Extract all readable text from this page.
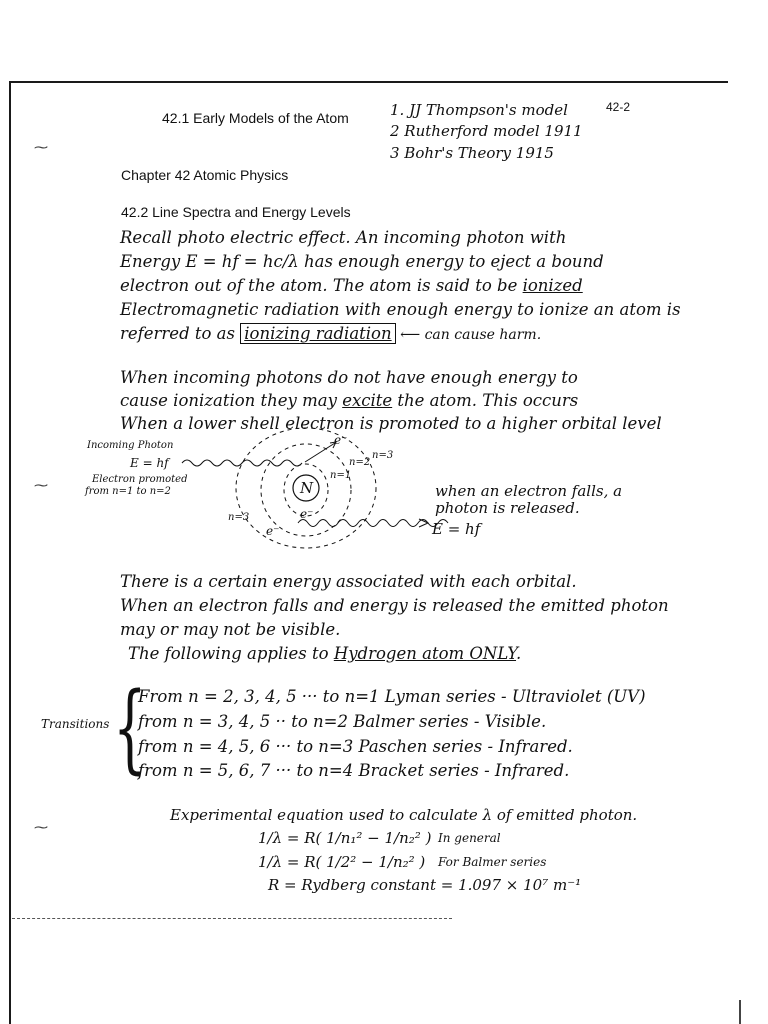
⁓
⁓
⁓
42.1 Early Models of the Atom
Chapter 42 Atomic Physics
42.2 Line Spectra and Energy Levels
42-2
1. JJ Thompson's model
2 Rutherford model 1911
3 Bohr's Theory 1915
Recall photo electric effect. An incoming photon with
Energy E = hf = hc/λ has enough energy to eject a bound
electron out of the atom. The atom is said to be ionized
Electromagnetic radiation with enough energy to ionize an atom is
referred to as ionizing radiation ⟵ can cause harm.
When incoming photons do not have enough energy to
cause ionization they may excite the atom. This occurs
When a lower shell electron is promoted to a higher orbital level
Incoming Photon
E = hf
Electron promoted
from n=1 to n=2	N
e⁻
n=1
n=2
n=3
e⁻
e⁻
n=3
E = hf
when an electron falls, a
photon is released.
There is a certain energy associated with each orbital.
When an electron falls and energy is released the emitted photon
may or may not be visible.
The following applies to Hydrogen atom ONLY.
Transitions {
From n = 2, 3, 4, 5 ··· to n=1 Lyman series - Ultraviolet (UV)
from n = 3, 4, 5 ·· to n=2 Balmer series - Visible.
from n = 4, 5, 6 ··· to n=3 Paschen series - Infrared.
from n = 5, 6, 7 ··· to n=4 Bracket series - Infrared.
Experimental equation used to calculate λ of emitted photon.
1/λ = R( 1/n₁² − 1/n₂² ) In general
1/λ = R( 1/2² − 1/n₂² ) For Balmer series
R = Rydberg constant = 1.097 × 10⁷ m⁻¹
